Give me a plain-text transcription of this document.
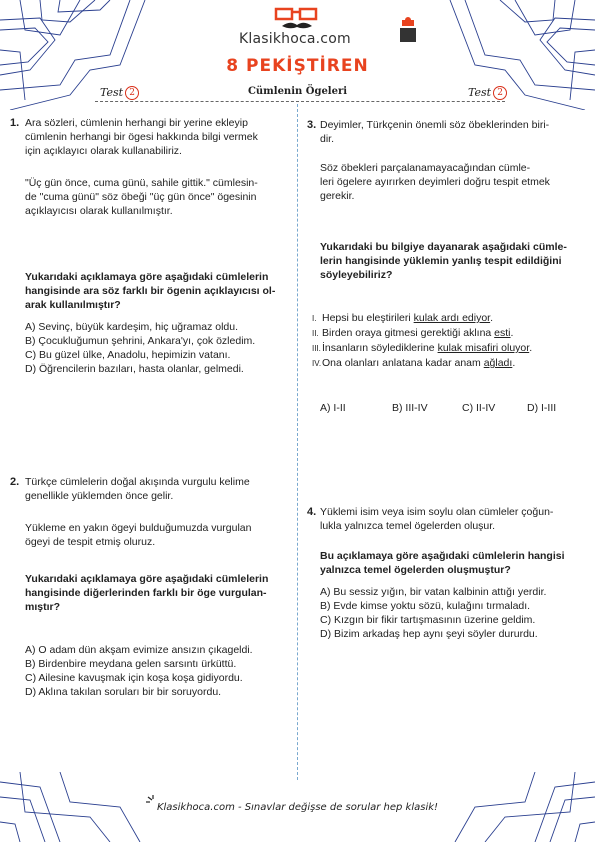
Klasikhoca.com
8 PEKİŞTİREN
Test 2	Cümlenin Ögeleri	Test 2
1. Ara sözleri, cümlenin herhangi bir yerine ekleyip

cümlenin herhangi bir ögesi hakkında bilgi vermek

için açıklayıcı olarak kullanabiliriz.

"Üç gün önce, cuma günü, sahile gittik." cümlesin-

de "cuma günü" söz öbeği "üç gün önce" ögesinin

açıklayıcısı olarak kullanılmıştır.

Yukarıdaki açıklamaya göre aşağıdaki cümlelerin

hangisinde ara söz farklı bir ögenin açıklayıcısı ol-

arak kullanılmıştır?

A) Sevinç, büyük kardeşim, hiç uğramaz oldu.

B) Çocukluğumun şehrini, Ankara'yı, çok özledim.

C) Bu güzel ülke, Anadolu, hepimizin vatanı.

D) Öğrencilerin bazıları, hasta olanlar, gelmedi.

2. Türkçe cümlelerin doğal akışında vurgulu kelime

genellikle yüklemden önce gelir.

Yükleme en yakın ögeyi bulduğumuzda vurgulan

ögeyi de tespit etmiş oluruz.

Yukarıdaki açıklamaya göre aşağıdaki cümlelerin

hangisinde diğerlerinden farklı bir öge vurgulan-

mıştır?

A) O adam dün akşam evimize ansızın çıkageldi.

B) Birdenbire meydana gelen sarsıntı ürküttü.

C) Ailesine kavuşmak için koşa koşa gidiyordu.

D) Aklına takılan soruları bir bir soruyordu.

3. Deyimler, Türkçenin önemli söz öbeklerinden biri-

dir.

Söz öbekleri parçalanamayacağından cümle-

leri ögelere ayırırken deyimleri doğru tespit etmek

gerekir.

Yukarıdaki bu bilgiye dayanarak aşağıdaki cümle-

lerin hangisinde yüklemin yanlış tespit edildiğini

söyleyebiliriz?

I. Hepsi bu eleştirileri kulak ardı ediyor.

II. Birden oraya gitmesi gerektiği aklına esti.

III.İnsanların söylediklerine kulak misafiri oluyor.

IV.Ona olanları anlatana kadar anam ağladı.

A) I-II	B) III-IV	C) II-IV	D) I-III
4. Yüklemi isim veya isim soylu olan cümleler çoğun-

lukla yalnızca temel ögelerden oluşur.

Bu açıklamaya göre aşağıdaki cümlelerin hangisi

yalnızca temel ögelerden oluşmuştur?

A) Bu sessiz yığın, bir vatan kalbinin attığı yerdir.

B) Evde kimse yoktu sözü, kulağını tırmaladı.

C) Kızgın bir fikir tartışmasının üzerine geldim.

D) Bizim arkadaş hep aynı şeyi söyler dururdu.

Klasikhoca.com - Sınavlar değişse de sorular hep klasik!
